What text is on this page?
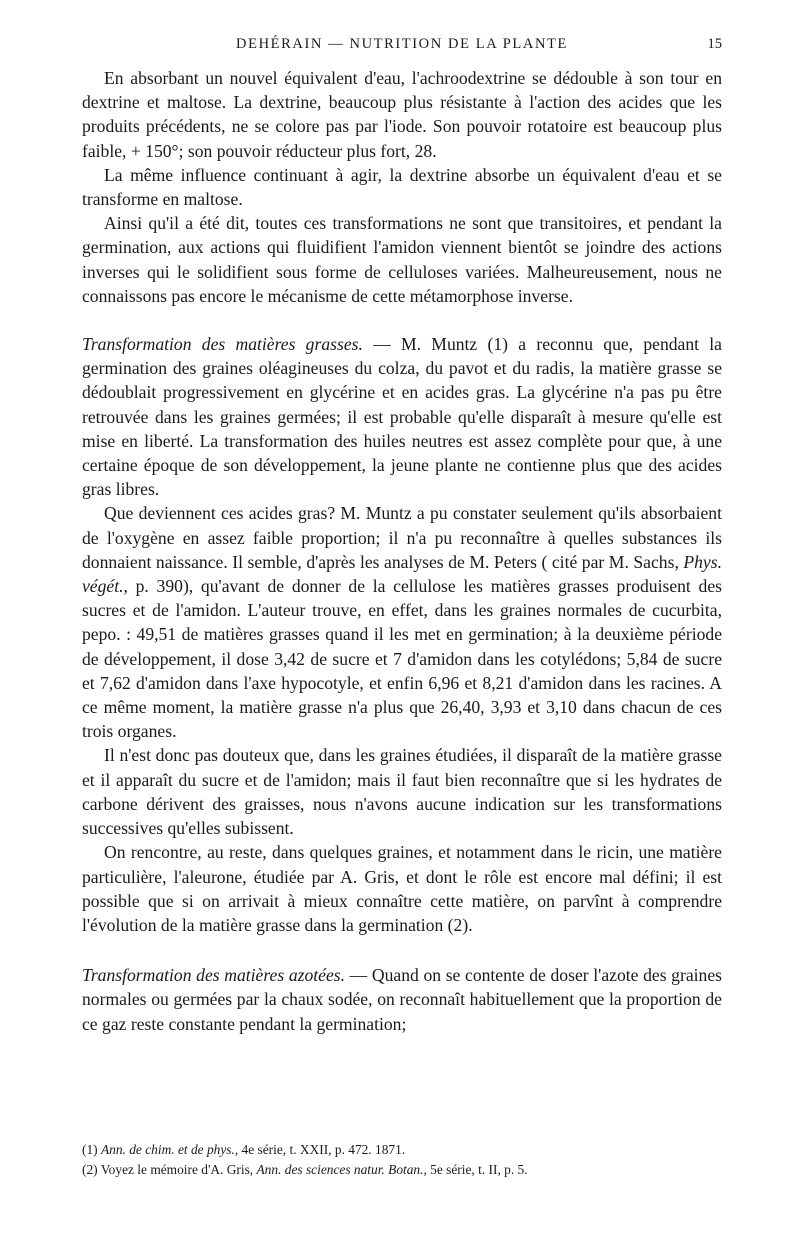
DEHÉRAIN — NUTRITION DE LA PLANTE	15

En absorbant un nouvel équivalent d'eau, l'achroodextrine se dédouble à son tour en dextrine et maltose. La dextrine, beaucoup plus résistante à l'action des acides que les produits précédents, ne se colore pas par l'iode. Son pouvoir rotatoire est beaucoup plus faible, + 150°; son pouvoir réducteur plus fort, 28.

La même influence continuant à agir, la dextrine absorbe un équivalent d'eau et se transforme en maltose.

Ainsi qu'il a été dit, toutes ces transformations ne sont que transitoires, et pendant la germination, aux actions qui fluidifient l'amidon viennent bientôt se joindre des actions inverses qui le solidifient sous forme de celluloses variées. Malheureusement, nous ne connaissons pas encore le mécanisme de cette métamorphose inverse.

Transformation des matières grasses. — M. Muntz (1) a reconnu que, pendant la germination des graines oléagineuses du colza, du pavot et du radis, la matière grasse se dédoublait progressivement en glycérine et en acides gras. La glycérine n'a pas pu être retrouvée dans les graines germées; il est probable qu'elle disparaît à mesure qu'elle est mise en liberté. La transformation des huiles neutres est assez complète pour que, à une certaine époque de son développement, la jeune plante ne contienne plus que des acides gras libres.

Que deviennent ces acides gras? M. Muntz a pu constater seulement qu'ils absorbaient de l'oxygène en assez faible proportion; il n'a pu reconnaître à quelles substances ils donnaient naissance. Il semble, d'après les analyses de M. Peters ( cité par M. Sachs, Phys. végét., p. 390), qu'avant de donner de la cellulose les matières grasses produisent des sucres et de l'amidon. L'auteur trouve, en effet, dans les graines normales de cucurbita, pepo. : 49,51 de matières grasses quand il les met en germination; à la deuxième période de développement, il dose 3,42 de sucre et 7 d'amidon dans les cotylédons; 5,84 de sucre et 7,62 d'amidon dans l'axe hypocotyle, et enfin 6,96 et 8,21 d'amidon dans les racines. A ce même moment, la matière grasse n'a plus que 26,40, 3,93 et 3,10 dans chacun de ces trois organes.

Il n'est donc pas douteux que, dans les graines étudiées, il disparaît de la matière grasse et il apparaît du sucre et de l'amidon; mais il faut bien reconnaître que si les hydrates de carbone dérivent des graisses, nous n'avons aucune indication sur les transformations successives qu'elles subissent.

On rencontre, au reste, dans quelques graines, et notamment dans le ricin, une matière particulière, l'aleurone, étudiée par A. Gris, et dont le rôle est encore mal défini; il est possible que si on arrivait à mieux connaître cette matière, on parvînt à comprendre l'évolution de la matière grasse dans la germination (2).

Transformation des matières azotées. — Quand on se contente de doser l'azote des graines normales ou germées par la chaux sodée, on reconnaît habituellement que la proportion de ce gaz reste constante pendant la germination;

(1) Ann. de chim. et de phys., 4e série, t. XXII, p. 472. 1871.

(2) Voyez le mémoire d'A. Gris, Ann. des sciences natur. Botan., 5e série, t. II, p. 5.
